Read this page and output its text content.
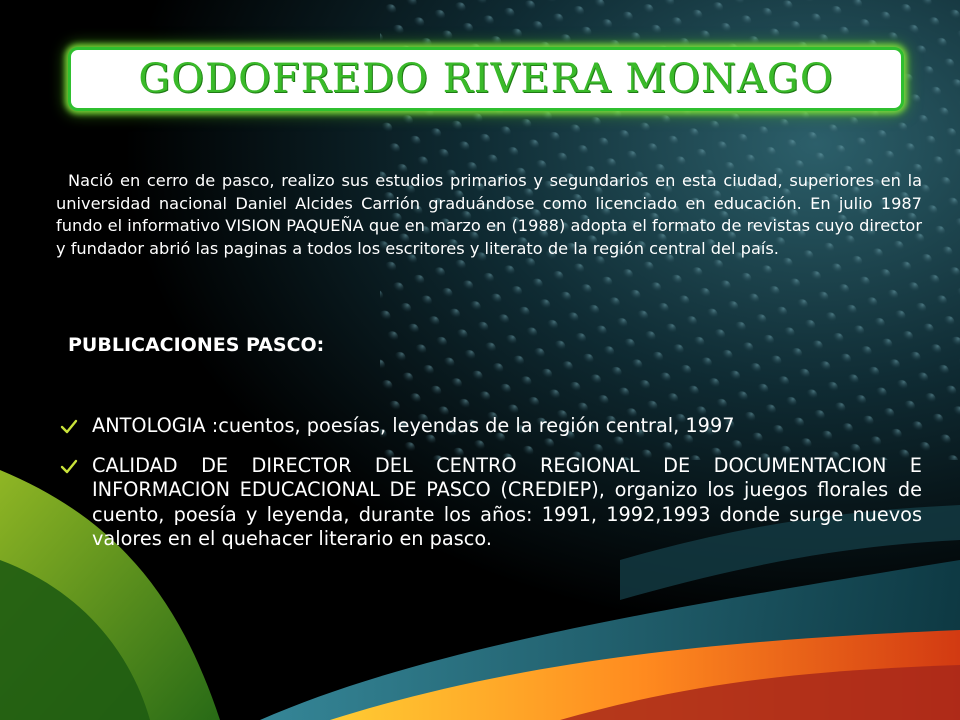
GODOFREDO RIVERA MONAGO

Nació en cerro de pasco, realizo sus estudios primarios y segundarios en esta ciudad, superiores en la universidad nacional Daniel Alcides Carrión graduándose como licenciado en educación. En julio 1987 fundo el informativo VISION PAQUEÑA que en marzo en (1988) adopta el formato de revistas cuyo director y fundador abrió las paginas a todos los escritores y literato de la región central del país.

PUBLICACIONES PASCO:
ANTOLOGIA :cuentos, poesías, leyendas de la región central, 1997
CALIDAD DE DIRECTOR DEL CENTRO REGIONAL DE DOCUMENTACION E INFORMACION EDUCACIONAL DE PASCO (CREDIEP), organizo los juegos florales de cuento, poesía y leyenda, durante los años: 1991, 1992,1993 donde surge nuevos valores en el quehacer literario en pasco.
